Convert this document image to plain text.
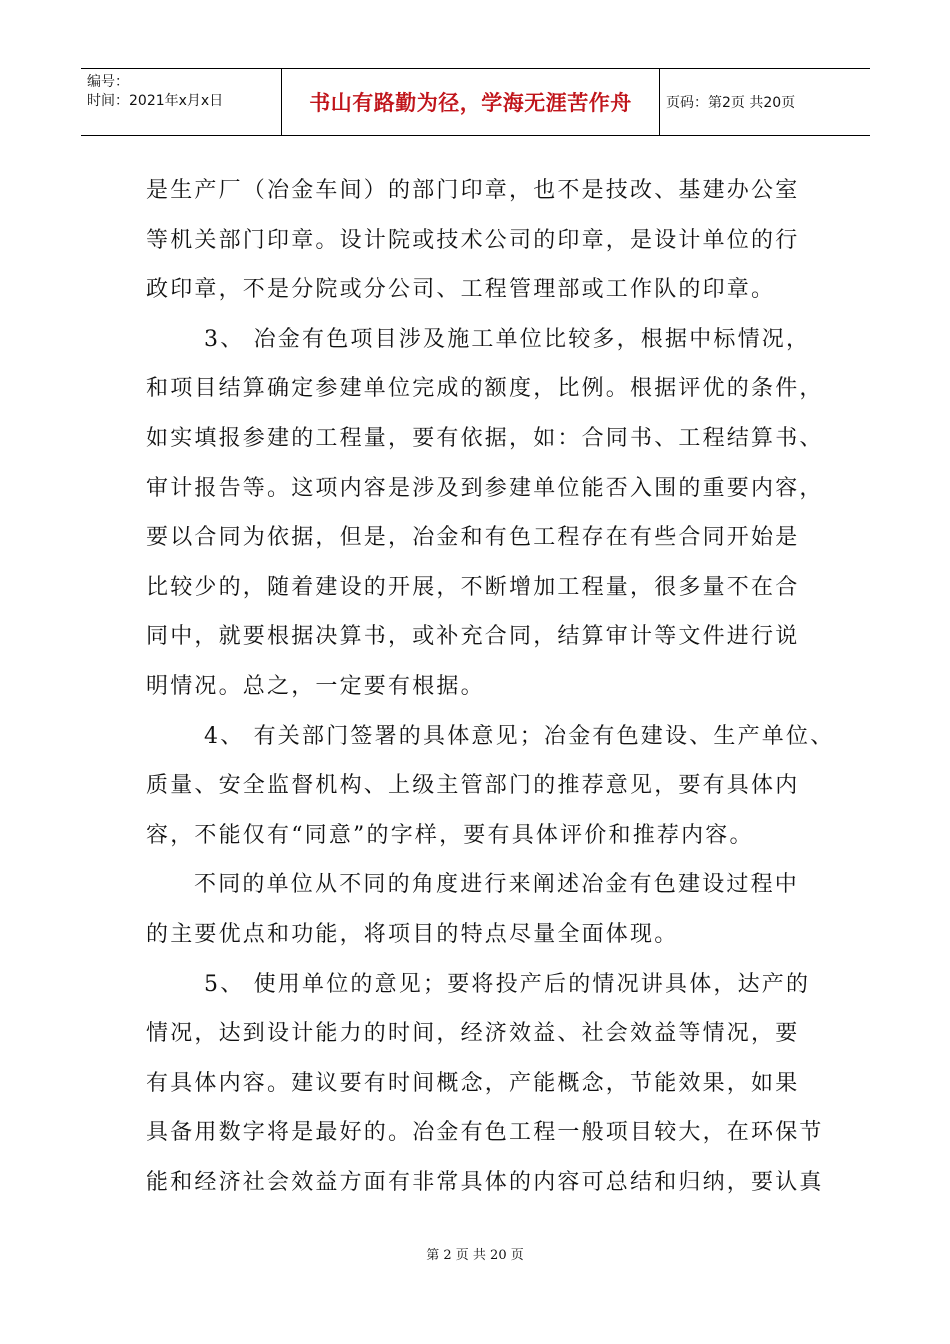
编号：
时间：2021年x月x日	书山有路勤为径，学海无涯苦作舟 页码：第2页 共20页
是生产厂（冶金车间）的部门印章，也不是技改、基建办公室
等机关部门印章。设计院或技术公司的印章，是设计单位的行
政印章，不是分院或分公司、工程管理部或工作队的印章。
3、 冶金有色项目涉及施工单位比较多，根据中标情况，
和项目结算确定参建单位完成的额度，比例。根据评优的条件，
如实填报参建的工程量，要有依据，如：合同书、工程结算书、
审计报告等。这项内容是涉及到参建单位能否入围的重要内容，
要以合同为依据，但是，冶金和有色工程存在有些合同开始是
比较少的，随着建设的开展，不断增加工程量，很多量不在合
同中，就要根据决算书，或补充合同，结算审计等文件进行说
明情况。总之，一定要有根据。
4、 有关部门签署的具体意见；冶金有色建设、生产单位、
质量、安全监督机构、上级主管部门的推荐意见，要有具体内
容，不能仅有“同意”的字样，要有具体评价和推荐内容。
不同的单位从不同的角度进行来阐述冶金有色建设过程中
的主要优点和功能，将项目的特点尽量全面体现。
5、 使用单位的意见；要将投产后的情况讲具体，达产的
情况，达到设计能力的时间，经济效益、社会效益等情况，要
有具体内容。建议要有时间概念，产能概念，节能效果，如果
具备用数字将是最好的。冶金有色工程一般项目较大，在环保节
能和经济社会效益方面有非常具体的内容可总结和归纳，要认真
第 2 页 共 20 页
